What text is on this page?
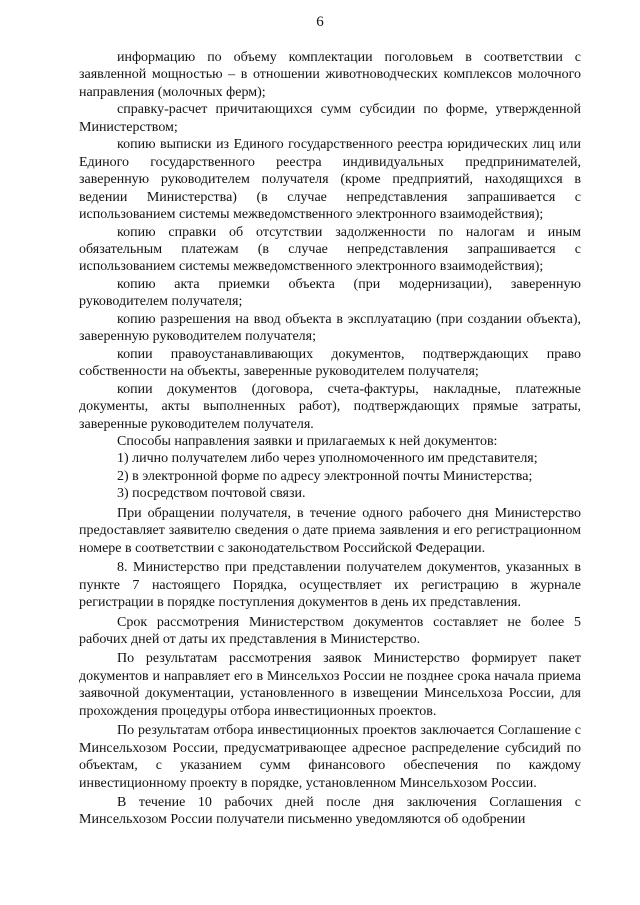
6

информацию по объему комплектации поголовьем в соответствии с заявленной мощностью – в отношении животноводческих комплексов молочного направления (молочных ферм);

справку-расчет причитающихся сумм субсидии по форме, утвержденной Министерством;

копию выписки из Единого государственного реестра юридических лиц или Единого государственного реестра индивидуальных предпринимателей, заверенную руководителем получателя (кроме предприятий, находящихся в ведении Министерства) (в случае непредставления запрашивается с использованием системы межведомственного электронного взаимодействия);

копию справки об отсутствии задолженности по налогам и иным обязательным платежам (в случае непредставления запрашивается с использованием системы межведомственного электронного взаимодействия);

копию акта приемки объекта (при модернизации), заверенную руководителем получателя;

копию разрешения на ввод объекта в эксплуатацию (при создании объекта), заверенную руководителем получателя;

копии правоустанавливающих документов, подтверждающих право собственности на объекты, заверенные руководителем получателя;

копии документов (договора, счета-фактуры, накладные, платежные документы, акты выполненных работ), подтверждающих прямые затраты, заверенные руководителем получателя.

Способы направления заявки и прилагаемых к ней документов:

1) лично получателем либо через уполномоченного им представителя;

2) в электронной форме по адресу электронной почты Министерства;

3) посредством почтовой связи.

При обращении получателя, в течение одного рабочего дня Министерство предоставляет заявителю сведения о дате приема заявления и его регистрационном номере в соответствии с законодательством Российской Федерации.

8. Министерство при представлении получателем документов, указанных в пункте 7 настоящего Порядка, осуществляет их регистрацию в журнале регистрации в порядке поступления документов в день их представления.

Срок рассмотрения Министерством документов составляет не более 5 рабочих дней от даты их представления в Министерство.

По результатам рассмотрения заявок Министерство формирует пакет документов и направляет его в Минсельхоз России не позднее срока начала приема заявочной документации, установленного в извещении Минсельхоза России, для прохождения процедуры отбора инвестиционных проектов.

По результатам отбора инвестиционных проектов заключается Соглашение с Минсельхозом России, предусматривающее адресное распределение субсидий по объектам, с указанием сумм финансового обеспечения по каждому инвестиционному проекту в порядке, установленном Минсельхозом России.

В течение 10 рабочих дней после дня заключения Соглашения с Минсельхозом России получатели письменно уведомляются об одобрении
